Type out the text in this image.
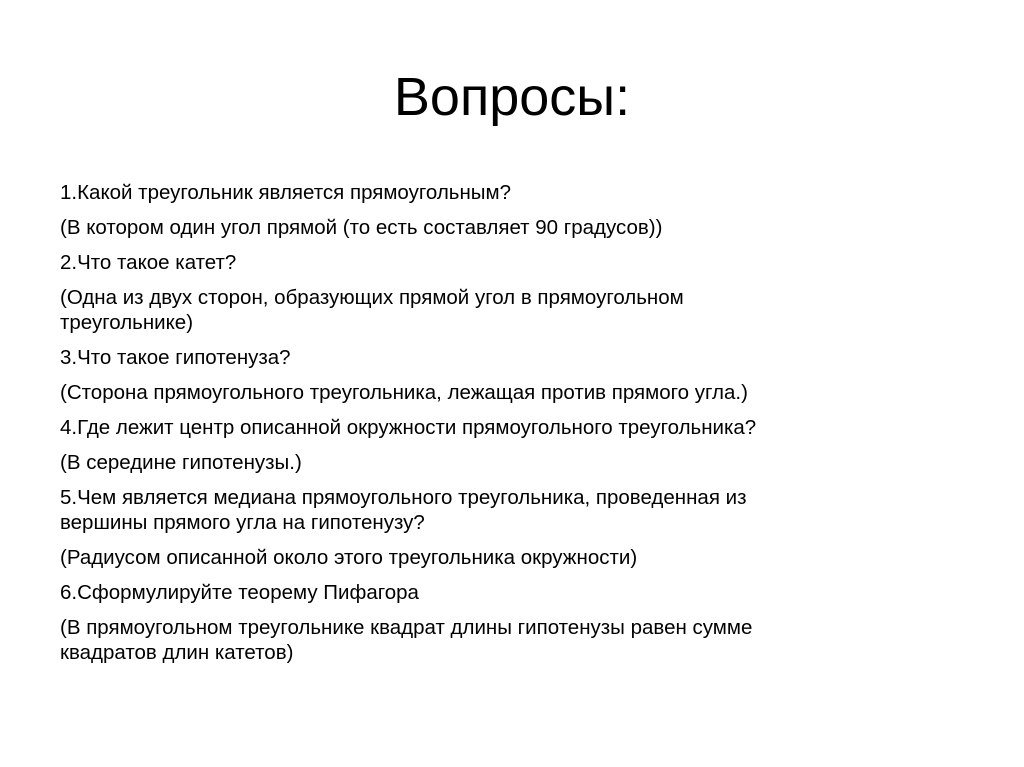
Вопросы:
1.Какой треугольник является прямоугольным?
(В котором один угол прямой (то есть составляет 90 градусов))
2.Что такое катет?
(Одна из двух сторон, образующих прямой угол в прямоугольном
треугольнике)
3.Что такое гипотенуза?
(Сторона прямоугольного треугольника, лежащая против прямого угла.)
4.Где лежит центр описанной окружности прямоугольного треугольника?
(В середине гипотенузы.)
5.Чем является медиана прямоугольного треугольника, проведенная из
вершины прямого угла на гипотенузу?
(Радиусом описанной около этого треугольника окружности)
6.Сформулируйте теорему Пифагора
(В прямоугольном треугольнике квадрат длины гипотенузы равен сумме
квадратов длин катетов)
